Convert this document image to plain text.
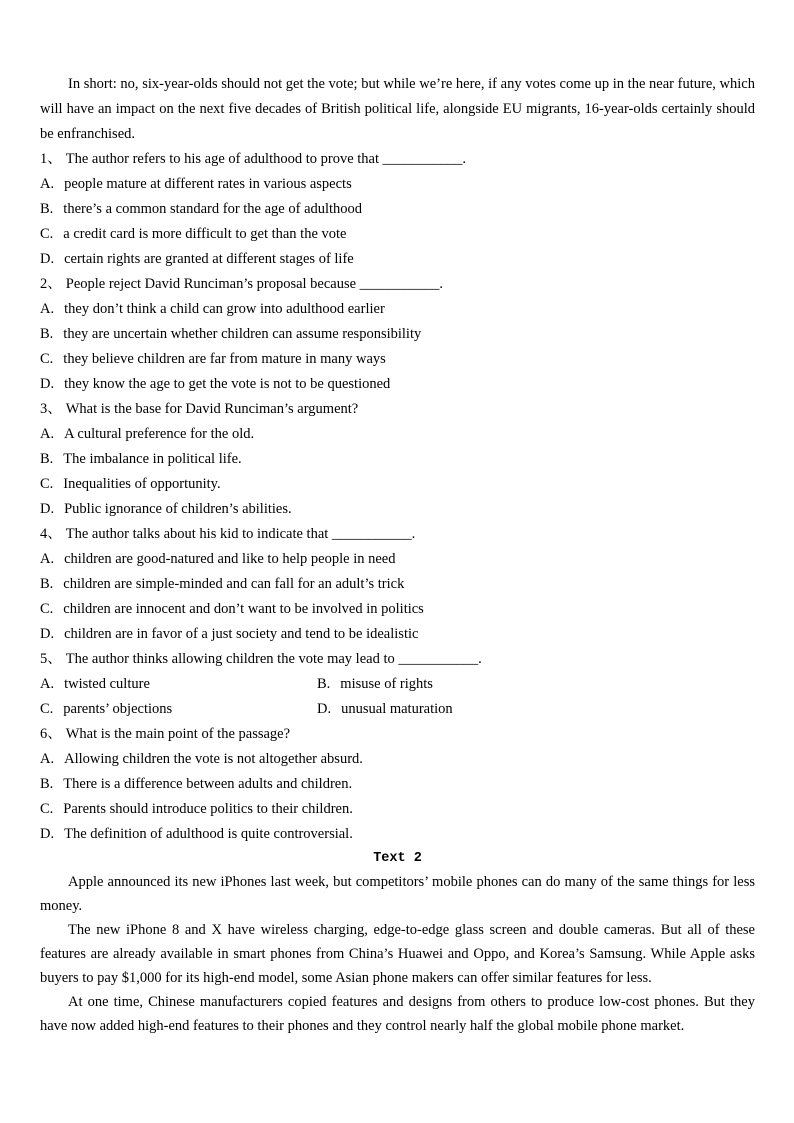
In short: no, six-year-olds should not get the vote; but while we’re here, if any votes come up in the near future, which will have an impact on the next five decades of British political life, alongside EU migrants, 16-year-olds certainly should be enfranchised.

1、 The author refers to his age of adulthood to prove that ___________.

A. people mature at different rates in various aspects

B. there’s a common standard for the age of adulthood

C. a credit card is more difficult to get than the vote

D. certain rights are granted at different stages of life

2、 People reject David Runciman’s proposal because ___________.

A. they don’t think a child can grow into adulthood earlier

B. they are uncertain whether children can assume responsibility

C. they believe children are far from mature in many ways

D. they know the age to get the vote is not to be questioned

3、 What is the base for David Runciman’s argument?

A. A cultural preference for the old.

B. The imbalance in political life.

C. Inequalities of opportunity.

D. Public ignorance of children’s abilities.

4、 The author talks about his kid to indicate that ___________.

A. children are good-natured and like to help people in need

B. children are simple-minded and can fall for an adult’s trick

C. children are innocent and don’t want to be involved in politics

D. children are in favor of a just society and tend to be idealistic

5、 The author thinks allowing children the vote may lead to ___________.

A. twisted culture	B. misuse of rights

C. parents’ objections	D. unusual maturation

6、 What is the main point of the passage?

A. Allowing children the vote is not altogether absurd.

B. There is a difference between adults and children.

C. Parents should introduce politics to their children.

D. The definition of adulthood is quite controversial.

Text 2

Apple announced its new iPhones last week, but competitors’ mobile phones can do many of the same things for less money.

The new iPhone 8 and X have wireless charging, edge-to-edge glass screen and double cameras. But all of these features are already available in smart phones from China’s Huawei and Oppo, and Korea’s Samsung. While Apple asks buyers to pay $1,000 for its high-end model, some Asian phone makers can offer similar features for less.

At one time, Chinese manufacturers copied features and designs from others to produce low-cost phones. But they have now added high-end features to their phones and they control nearly half the global mobile phone market.
